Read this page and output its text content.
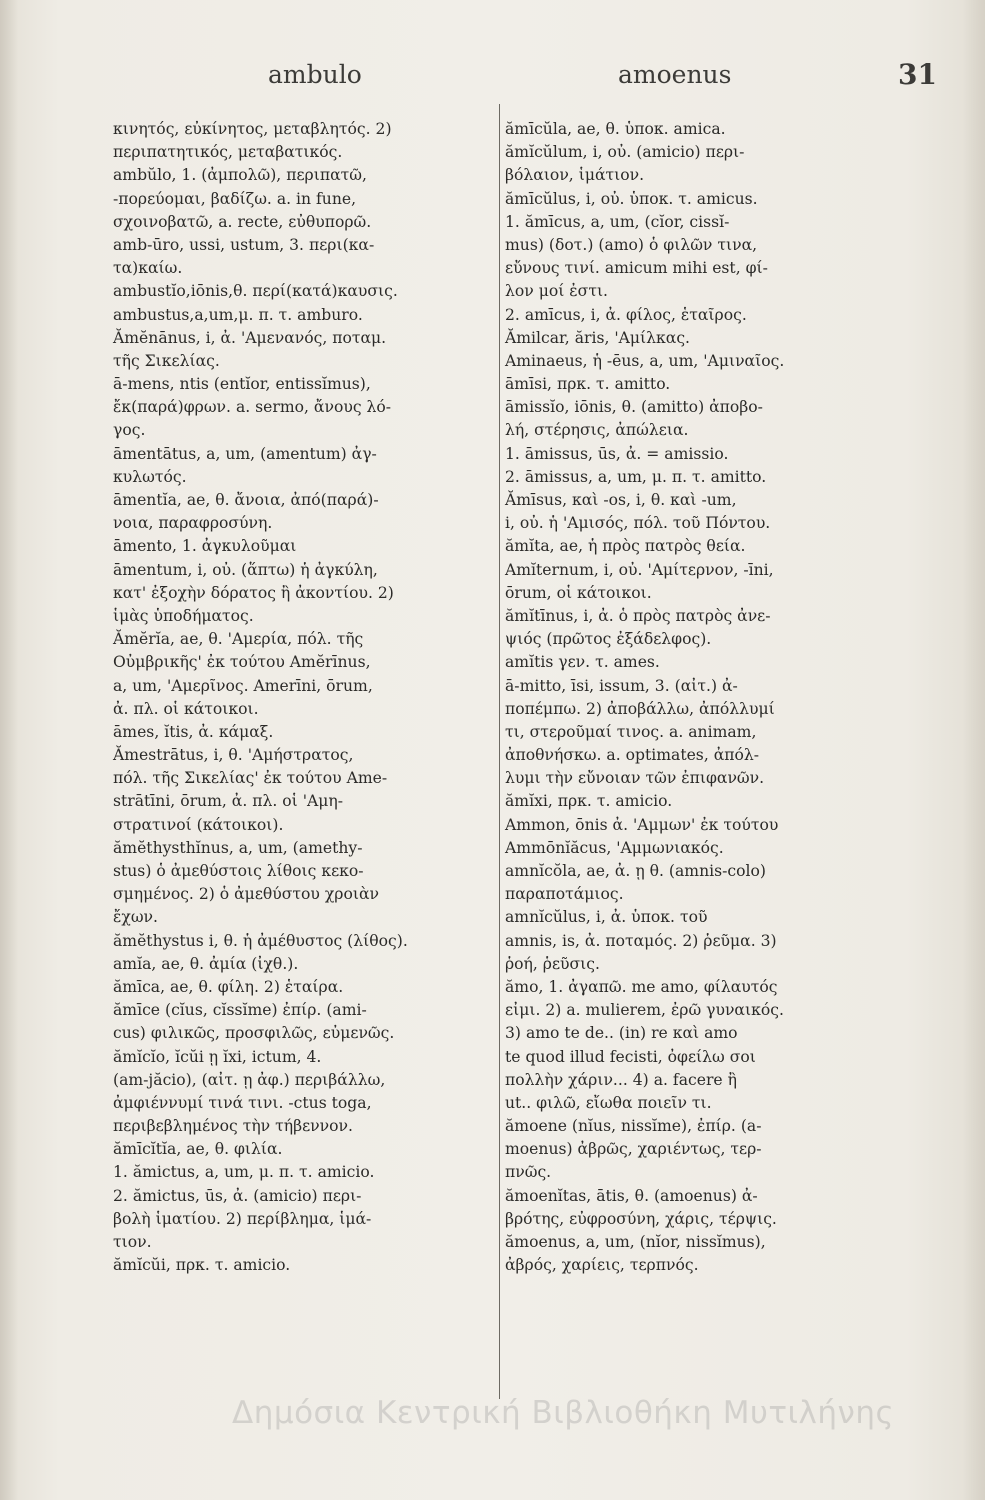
ambulo	amoenus	31
κινητός, εὐκίνητος, μεταβλητός. 2)
περιπατητικός, μεταβατικός.
ambŭlo, 1. (ἀμπολῶ), περιπατῶ,
-πορεύομαι, βαδίζω. a. in fune,
σχοινοβατῶ, a. recte, εὐθυπορῶ.
amb-ūro, ussi, ustum, 3. περι(κα-
τα)καίω.
ambustĭo,iōnis,θ. περί(κατά)καυσις.
ambustus,a,um,μ. π. τ. amburo.
Ămĕnānus, i, ἀ. 'Αμενανός, ποταμ.
τῆς Σικελίας.
ā-mens, ntis (entĭor, entissĭmus),
ἔκ(παρά)φρων. a. sermo, ἄνους λό-
γος.
āmentātus, a, um, (amentum) ἀγ-
κυλωτός.
āmentĭa, ae, θ. ἄνοια, ἀπό(παρά)-
νοια, παραφροσύνη.
āmento, 1. ἀγκυλοῦμαι
āmentum, i, οὐ. (ἅπτω) ἡ ἀγκύλη,
κατ' ἐξοχὴν δόρατος ἢ ἀκοντίου. 2)
ἱμὰς ὑποδήματος.
Ămĕrĭa, ae, θ. 'Αμερία, πόλ. τῆς
Οὐμβρικῆς' ἐκ τούτου Amĕrīnus,
a, um, 'Αμερῖνος. Amerīni, ōrum,
ἀ. πλ. οἱ κάτοικοι.
āmes, ĭtis, ἀ. κάμαξ.
Ămestrātus, i, θ. 'Αμήστρατος,
πόλ. τῆς Σικελίας' ἐκ τούτου Ame-
strātīni, ōrum, ἀ. πλ. οἱ 'Αμη-
στρατινοί (κάτοικοι).
ămĕthysthĭnus, a, um, (amethy-
stus) ὁ ἀμεθύστοις λίθοις κεκο-
σμημένος. 2) ὁ ἀμεθύστου χροιὰν
ἔχων.
ămĕthystus i, θ. ἡ ἀμέθυστος (λίθος).
amĭa, ae, θ. ἀμία (ἰχθ.).
ămīca, ae, θ. φίλη. 2) ἑταίρα.
ămīce (cĭus, cĭssĭme) ἐπίρ. (ami-
cus) φιλικῶς, προσφιλῶς, εὐμενῶς.
ămĭcĭo, ĭcŭi ῃ ĭxi, ictum, 4.
(am-jăcio), (αἰτ. ῃ ἀφ.) περιβάλλω,
ἀμφιέννυμί τινά τινι. -ctus toga,
περιβεβλημένος τὴν τήβεννον.
ămīcĭtĭa, ae, θ. φιλία.
1. ămictus, a, um, μ. π. τ. amicio.
2. ămictus, ūs, ἀ. (amicio) περι-
βολὴ ἱματίου. 2) περίβλημα, ἱμά-
τιον.
ămĭcŭi, πρκ. τ. amicio.
ămīcŭla, ae, θ. ὑποκ. amica.
ămĭcŭlum, i, οὐ. (amicio) περι-
βόλαιον, ἱμάτιον.
ămīcŭlus, i, οὐ. ὑποκ. τ. amicus.
1. ămīcus, a, um, (cĭor, cissĭ-
mus) (δοτ.) (amo) ὁ φιλῶν τινα,
εὔνους τινί. amicum mihi est, φί-
λον μοί ἐστι.
2. amīcus, i, ἀ. φίλος, ἑταῖρος.
Ămilcar, ăris, 'Αμίλκας.
Aminaeus, ἡ -ēus, a, um, 'Αμιναῖος.
āmīsi, πρκ. τ. amitto.
āmissĭo, iōnis, θ. (amitto) ἀποβο-
λή, στέρησις, ἀπώλεια.
1. āmissus, ūs, ἀ. = amissio.
2. āmissus, a, um, μ. π. τ. amitto.
Ămīsus, καὶ -os, i, θ. καὶ -um,
i, οὐ. ἡ 'Αμισός, πόλ. τοῦ Πόντου.
ămĭta, ae, ἡ πρὸς πατρὸς θεία.
Amĭternum, i, οὐ. 'Αμίτερνον, -īni,
ōrum, οἱ κάτοικοι.
ămĭtīnus, i, ἀ. ὁ πρὸς πατρὸς ἀνε-
ψιός (πρῶτος ἐξάδελφος).
amĭtis γεν. τ. ames.
ā-mitto, īsi, issum, 3. (αἰτ.) ἀ-
ποπέμπω. 2) ἀποβάλλω, ἀπόλλυμί
τι, στεροῦμαί τινος. a. animam,
ἀποθνήσκω. a. optimates, ἀπόλ-
λυμι τὴν εὔνοιαν τῶν ἐπιφανῶν.
ămĭxi, πρκ. τ. amicio.
Ammon, ōnis ἀ. 'Αμμων' ἐκ τούτου
Ammōnĭăcus, 'Αμμωνιακός.
amnĭcŏla, ae, ἀ. ῃ θ. (amnis-colo)
παραποτάμιος.
amnĭcŭlus, i, ἀ. ὑποκ. τοῦ
amnis, is, ἀ. ποταμός. 2) ῥεῦμα. 3)
ῥοή, ῥεῦσις.
ămo, 1. ἀγαπῶ. me amo, φίλαυτός
εἰμι. 2) a. mulierem, ἐρῶ γυναικός.
3) amo te de.. (in) re καὶ amo
te quod illud fecisti, ὀφείλω σοι
πολλὴν χάριν... 4) a. facere ἢ
ut.. φιλῶ, εἴωθα ποιεῖν τι.
ămoene (nĭus, nissĭme), ἐπίρ. (a-
moenus) ἀβρῶς, χαριέντως, τερ-
πνῶς.
ămoenĭtas, ātis, θ. (amoenus) ἀ-
βρότης, εὐφροσύνη, χάρις, τέρψις.
ămoenus, a, um, (nĭor, nissĭmus),
ἀβρός, χαρίεις, τερπνός.
Δημόσια Κεντρική Βιβλιοθήκη Μυτιλήνης
